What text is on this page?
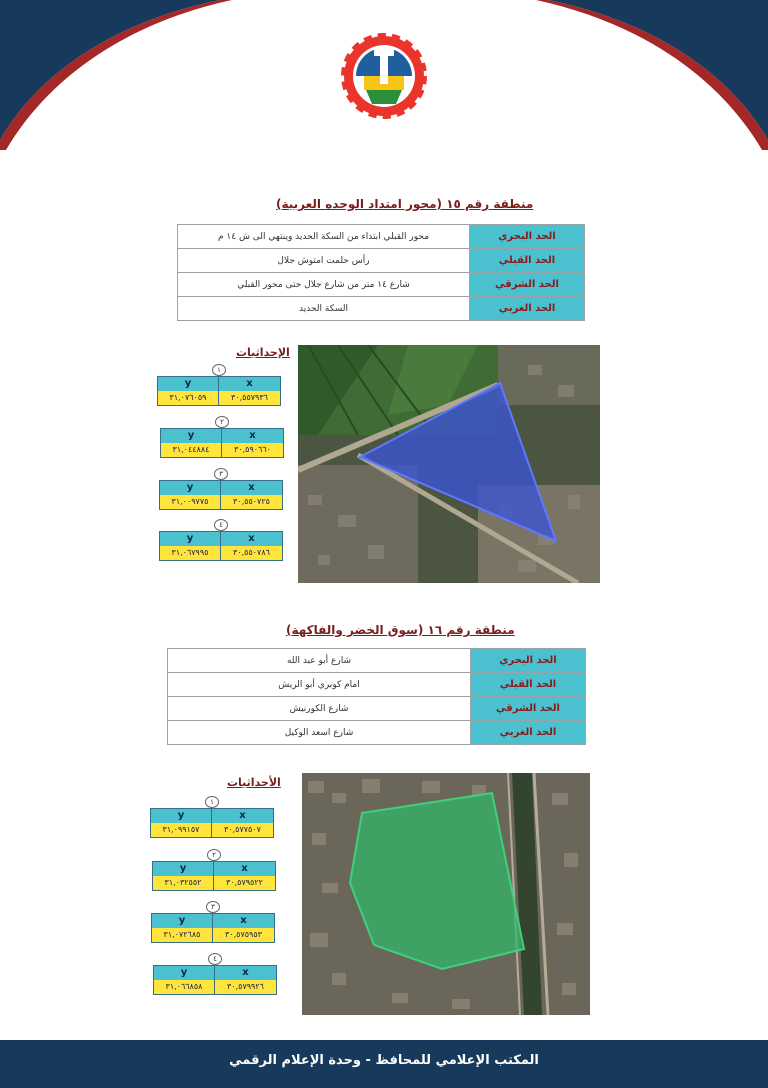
منطقة رقم ١٥ (محور امتداد الوحده العربية)
الحد البحري	محور القبلي ابتداء من السكة الحديد وينتهي الى ش ١٤ م
الحد القبلي	رأس حلمت امتوش جلال
الحد الشرقي	شارع ١٤ متر من شارع جلال حتى محور القبلي
الحد الغربي	السكة الحديد
الإحداثيات
١
y	x
٣١,٠٧٦٠٥٩	٣٠,٥٥٧٩٣٦
٢
y	x
٣١,٠٤٤٨٨٤	٣٠,٥٩٠٦٦٠
٣
y	x
٣١,٠٠٩٧٧٥	٣٠,٥٥٠٧٢٥
٤
y	x
٣١,٠٦٧٩٩٥	٣٠,٥٥٠٧٨٦
منطقة رقم ١٦ (سوق الخضر والفاكهة)
الحد البحري	شارع أبو عبد الله
الحد القبلي	امام كوبري أبو الريش
الحد الشرقي	شارع الكورنيش
الحد الغربي	شارع اسعد الوكيل
الأحداثيات
١
y	x
٣١,٠٩٩١٥٧	٣٠,٥٧٧٥٠٧
٢
y	x
٣١,٠٣٢٥٥٢	٣٠,٥٧٩٥٢٢
٣
y	x
٣١,٠٧٢٦٨٥	٣٠,٥٧٥٩٥٣
٤
y	x
٣١,٠٦٦٨٥٨	٣٠,٥٧٩٩٢٦
المكتب الإعلامي للمحافظ - وحدة الإعلام الرقمي
